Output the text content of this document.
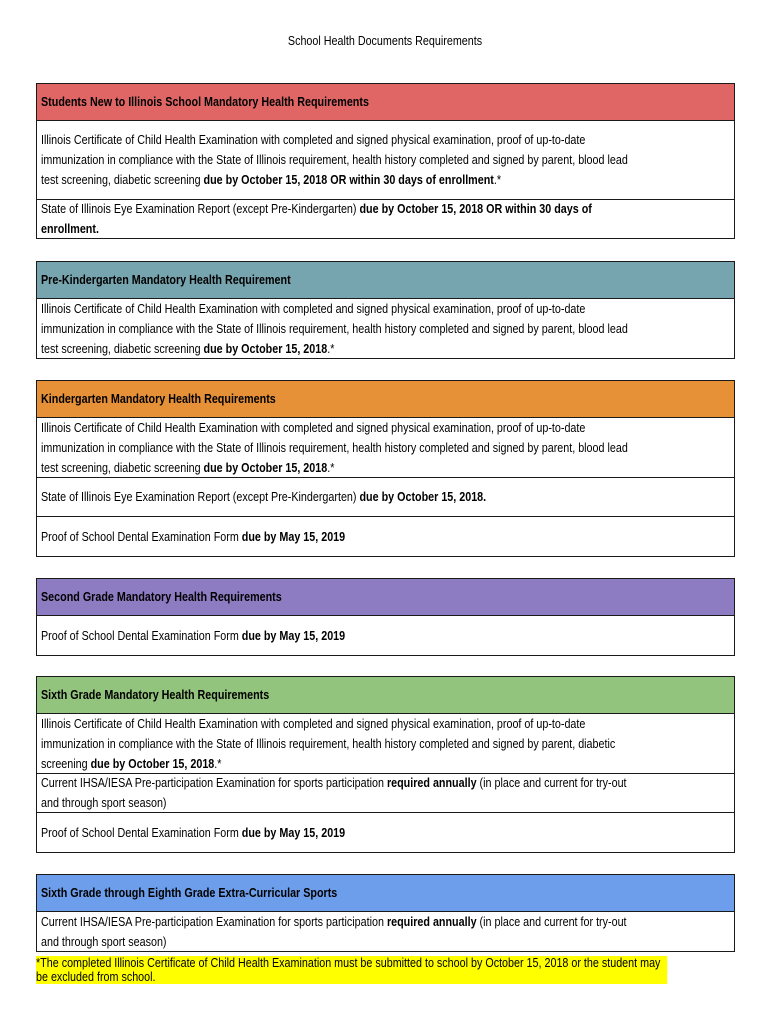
School Health Documents Requirements
Students New to Illinois School Mandatory Health Requirements
Illinois Certificate of Child Health Examination with completed and signed physical examination, proof of up-to-date immunization in compliance with the State of Illinois requirement, health history completed and signed by parent, blood lead test screening, diabetic screening due by October 15, 2018 OR within 30 days of enrollment.*
State of Illinois Eye Examination Report (except Pre-Kindergarten) due by October 15, 2018 OR within 30 days of enrollment.
Pre-Kindergarten Mandatory Health Requirement
Illinois Certificate of Child Health Examination with completed and signed physical examination, proof of up-to-date immunization in compliance with the State of Illinois requirement, health history completed and signed by parent, blood lead test screening, diabetic screening due by October 15, 2018.*
Kindergarten Mandatory Health Requirements
Illinois Certificate of Child Health Examination with completed and signed physical examination, proof of up-to-date immunization in compliance with the State of Illinois requirement, health history completed and signed by parent, blood lead test screening, diabetic screening due by October 15, 2018.*
State of Illinois Eye Examination Report (except Pre-Kindergarten) due by October 15, 2018.
Proof of School Dental Examination Form due by May 15, 2019
Second Grade Mandatory Health Requirements
Proof of School Dental Examination Form due by May 15, 2019
Sixth Grade Mandatory Health Requirements
Illinois Certificate of Child Health Examination with completed and signed physical examination, proof of up-to-date immunization in compliance with the State of Illinois requirement, health history completed and signed by parent, diabetic screening due by October 15, 2018.*
Current IHSA/IESA Pre-participation Examination for sports participation required annually (in place and current for try-out and through sport season)
Proof of School Dental Examination Form due by May 15, 2019
Sixth Grade through Eighth Grade Extra-Curricular Sports
Current IHSA/IESA Pre-participation Examination for sports participation required annually (in place and current for try-out and through sport season)
*The completed Illinois Certificate of Child Health Examination must be submitted to school by October 15, 2018 or the student may be excluded from school.
